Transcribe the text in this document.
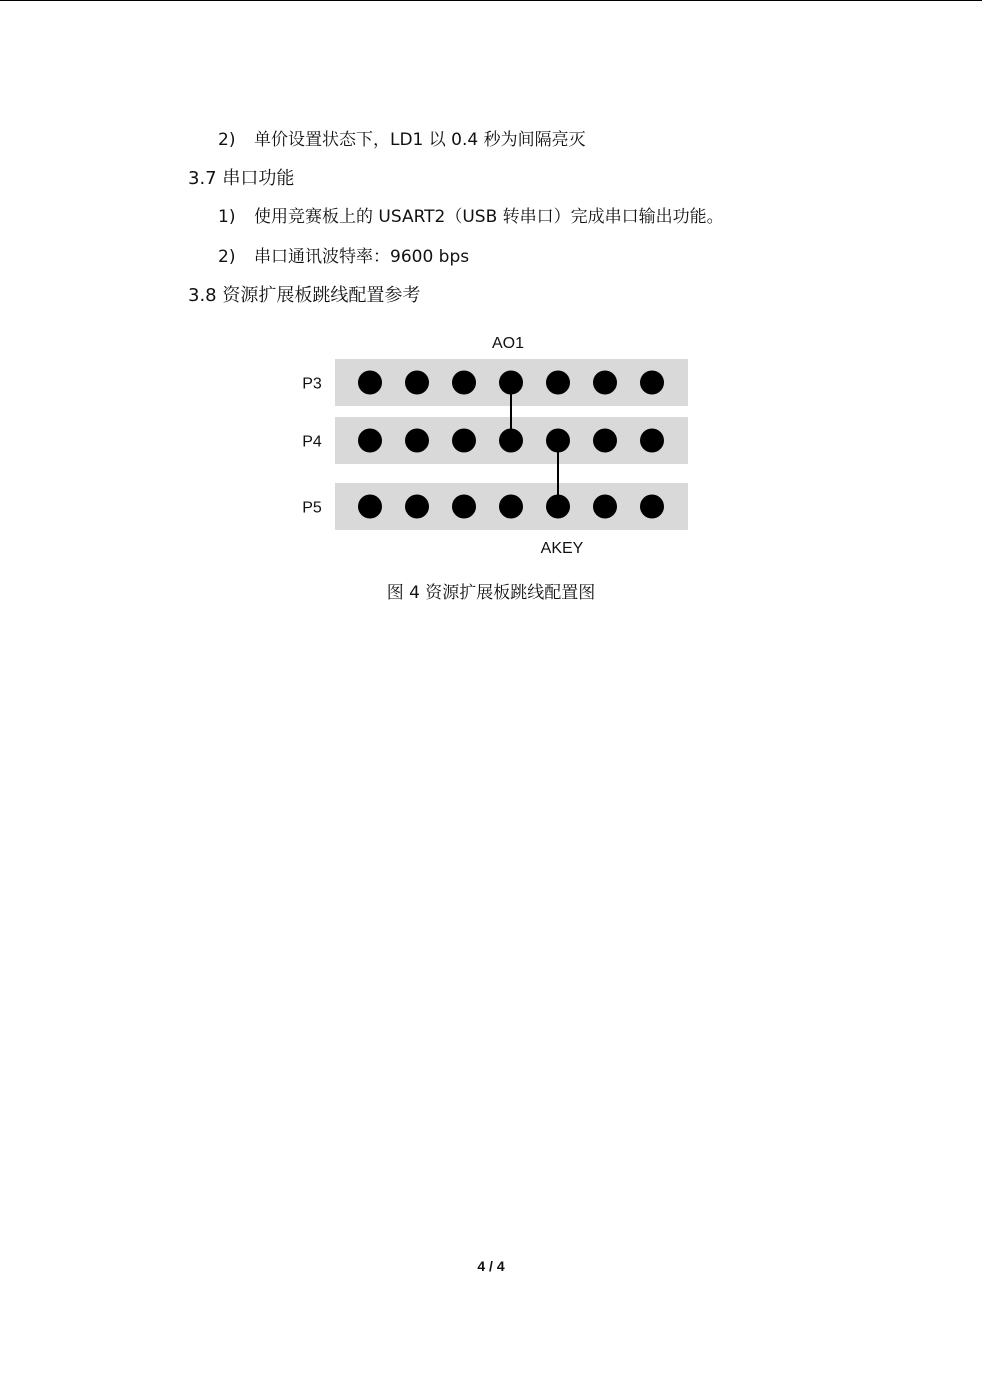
2) 单价设置状态下，LD1 以 0.4 秒为间隔亮灭
3.7 串口功能
1) 使用竞赛板上的 USART2（USB 转串口）完成串口输出功能。
2) 串口通讯波特率：9600 bps
3.8 资源扩展板跳线配置参考
AO1
AKEY
P3
P4
P5
图 4 资源扩展板跳线配置图
4 / 4
